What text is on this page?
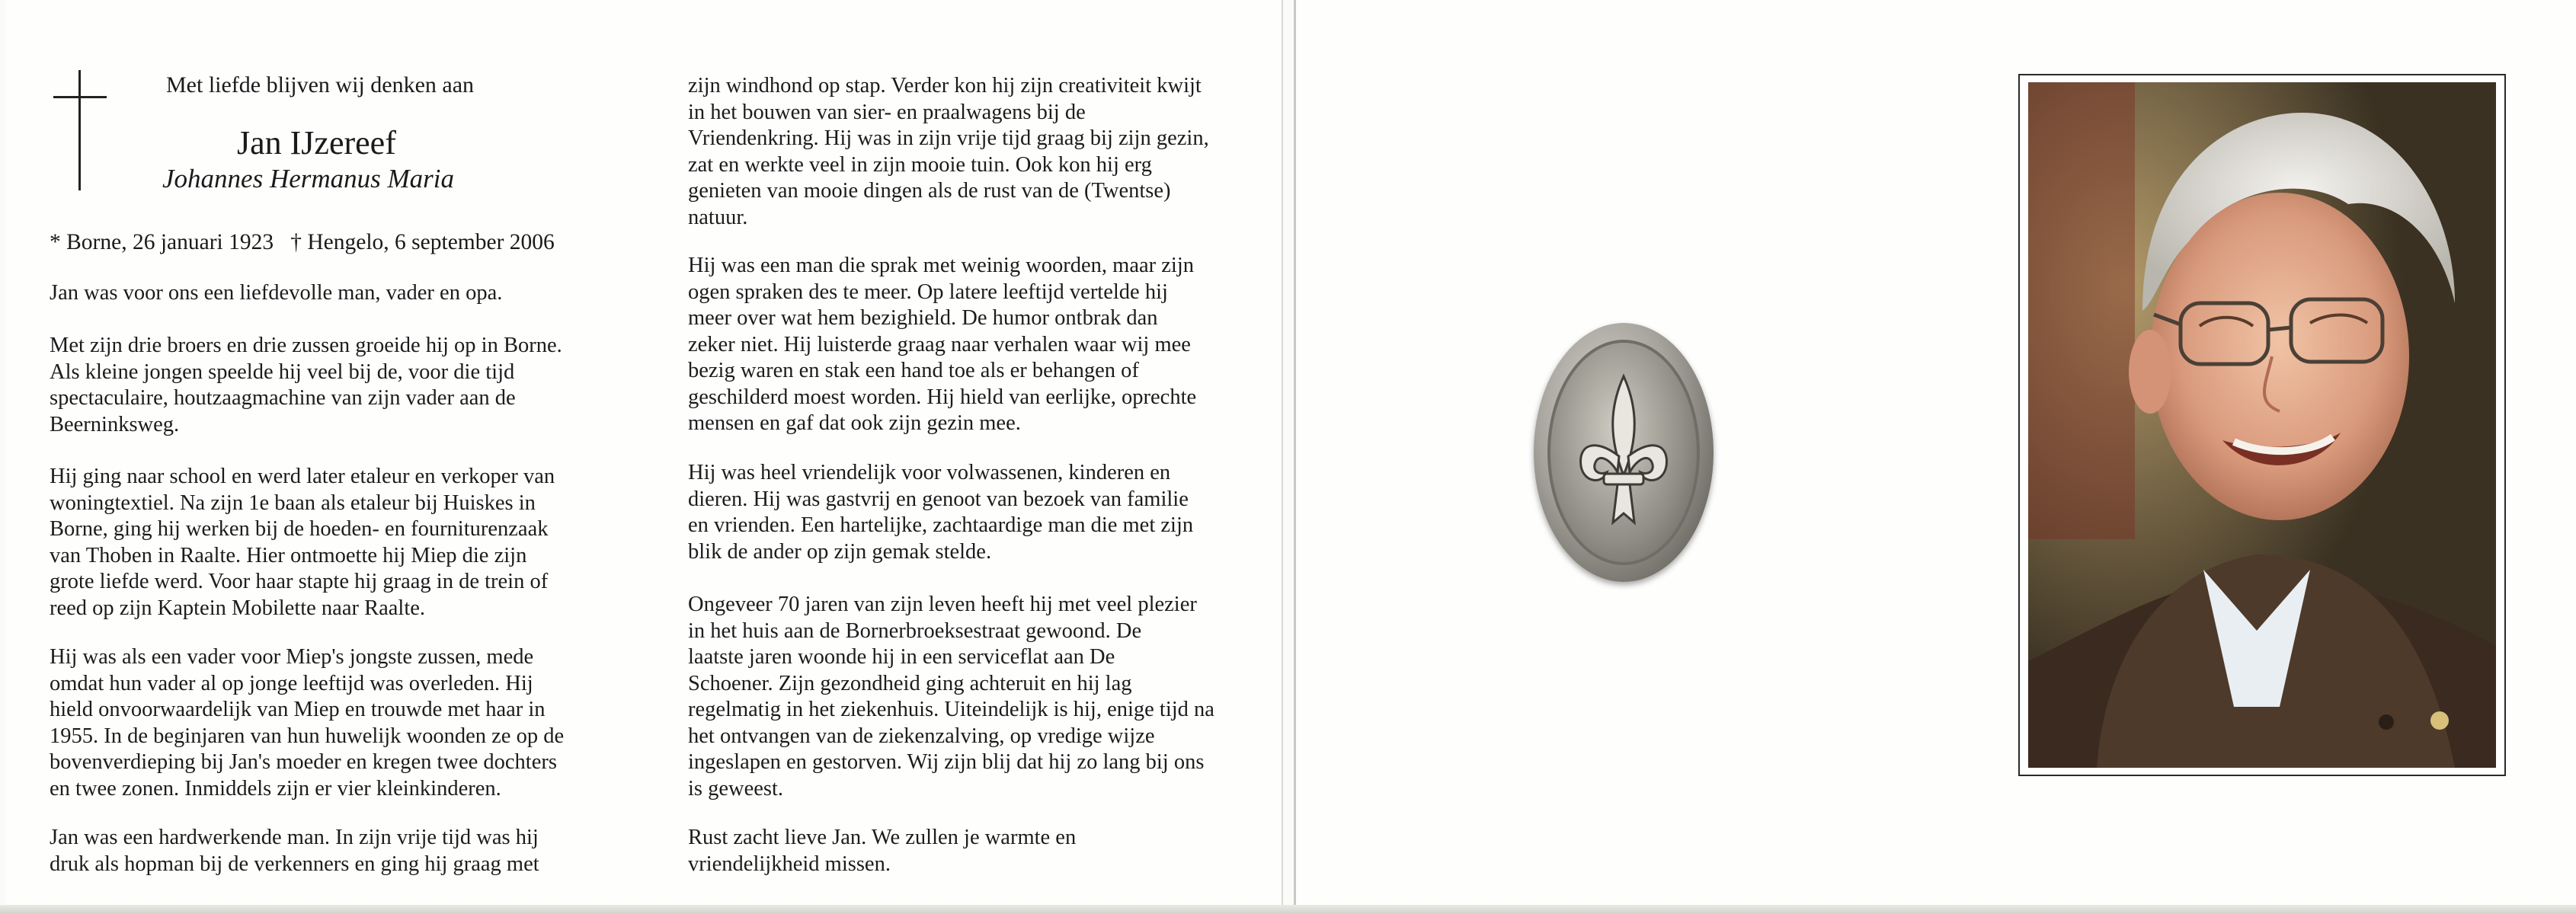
Met liefde blijven wij denken aan
Jan IJzereef
Johannes Hermanus Maria
* Borne, 26 januari 1923   † Hengelo, 6 september 2006
Jan was voor ons een liefdevolle man, vader en opa.
Met zijn drie broers en drie zussen groeide hij op in Borne.
Als kleine jongen speelde hij veel bij de, voor die tijd
spectaculaire, houtzaagmachine van zijn vader aan de
Beerninksweg.
Hij ging naar school en werd later etaleur en verkoper van
woningtextiel. Na zijn 1e baan als etaleur bij Huiskes in
Borne, ging hij werken bij de hoeden- en fourniturenzaak
van Thoben in Raalte. Hier ontmoette hij Miep die zijn
grote liefde werd. Voor haar stapte hij graag in de trein of
reed op zijn Kaptein Mobilette naar Raalte.
Hij was als een vader voor Miep's jongste zussen, mede
omdat hun vader al op jonge leeftijd was overleden. Hij
hield onvoorwaardelijk van Miep en trouwde met haar in
1955. In de beginjaren van hun huwelijk woonden ze op de
bovenverdieping bij Jan's moeder en kregen twee dochters
en twee zonen. Inmiddels zijn er vier kleinkinderen.
Jan was een hardwerkende man. In zijn vrije tijd was hij
druk als hopman bij de verkenners en ging hij graag met
zijn windhond op stap. Verder kon hij zijn creativiteit kwijt
in het bouwen van sier- en praalwagens bij de
Vriendenkring. Hij was in zijn vrije tijd graag bij zijn gezin,
zat en werkte veel in zijn mooie tuin. Ook kon hij erg
genieten van mooie dingen als de rust van de (Twentse)
natuur.
Hij was een man die sprak met weinig woorden, maar zijn
ogen spraken des te meer. Op latere leeftijd vertelde hij
meer over wat hem bezighield. De humor ontbrak dan
zeker niet. Hij luisterde graag naar verhalen waar wij mee
bezig waren en stak een hand toe als er behangen of
geschilderd moest worden. Hij hield van eerlijke, oprechte
mensen en gaf dat ook zijn gezin mee.
Hij was heel vriendelijk voor volwassenen, kinderen en
dieren. Hij was gastvrij en genoot van bezoek van familie
en vrienden. Een hartelijke, zachtaardige man die met zijn
blik de ander op zijn gemak stelde.
Ongeveer 70 jaren van zijn leven heeft hij met veel plezier
in het huis aan de Bornerbroeksestraat gewoond. De
laatste jaren woonde hij in een serviceflat aan De
Schoener. Zijn gezondheid ging achteruit en hij lag
regelmatig in het ziekenhuis. Uiteindelijk is hij, enige tijd na
het ontvangen van de ziekenzalving, op vredige wijze
ingeslapen en gestorven. Wij zijn blij dat hij zo lang bij ons
is geweest.
Rust zacht lieve Jan. We zullen je warmte en
vriendelijkheid missen.
